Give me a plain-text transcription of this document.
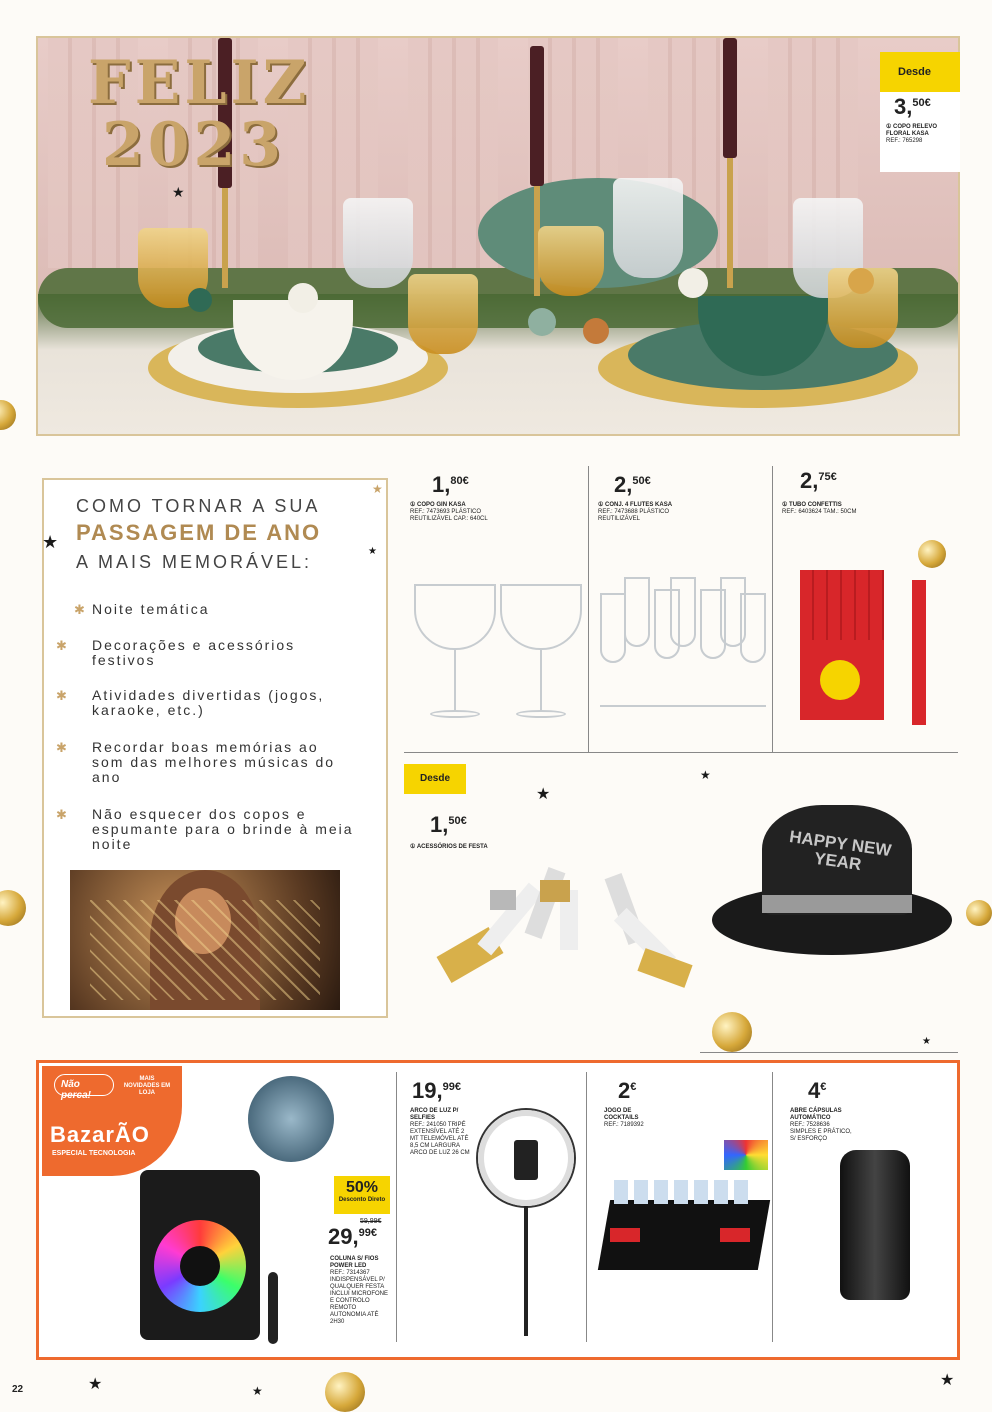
FELIZ
2023
★
Desde
3,$^{50€}$
① COPO RELEVO FLORAL KASA
REF.: 765298
COMO TORNAR A SUA
PASSAGEM DE ANO
A MAIS MEMORÁVEL:
✱ Noite temática
✱ Decorações e acessórios festivos
✱ Atividades divertidas (jogos, karaoke, etc.)
✱ Recordar boas memórias ao som das melhores músicas do ano
✱ Não esquecer dos copos e espumante para o brinde à meia noite
★	★
★ 1,$^{80€}$
① COPO GIN KASA
REF.: 7473693 PLÁSTICO REUTILIZÁVEL CAP.: 640CL
2,$^{50€}$
① CONJ. 4 FLUTES KASA
REF.: 7473688 PLÁSTICO REUTILIZÁVEL
2,$^{75€}$
① TUBO CONFETTIS
REF.: 6403624 TAM.: 50CM
Desde
1,$^{50€}$
① ACESSÓRIOS DE FESTA	HAPPY NEW YEAR
★
★
★
Não perca!
MAIS NOVIDADES EM LOJA
BazarÃO
ESPECIAL TECNOLOGIA
50%
Desconto Direto
59,99€
29,$^{99€}$
COLUNA S/ FIOS POWER LED
REF.: 7314367 INDISPENSÁVEL P/ QUALQUER FESTA INCLUI MICROFONE E CONTROLO REMOTO AUTONOMIA ATÉ 2H30
19,$^{99€}$
ARCO DE LUZ P/ SELFIES
REF.: 241050 TRIPÉ EXTENSÍVEL ATÉ 2 MT TELEMÓVEL ATÉ 8,5 CM LARGURA ARCO DE LUZ 26 CM
2€
JOGO DE COCKTAILS
REF.: 7189392
4€
ABRE CÁPSULAS AUTOMÁTICO
REF.: 7528636 SIMPLES E PRÁTICO, S/ ESFORÇO
★	★
★
22
